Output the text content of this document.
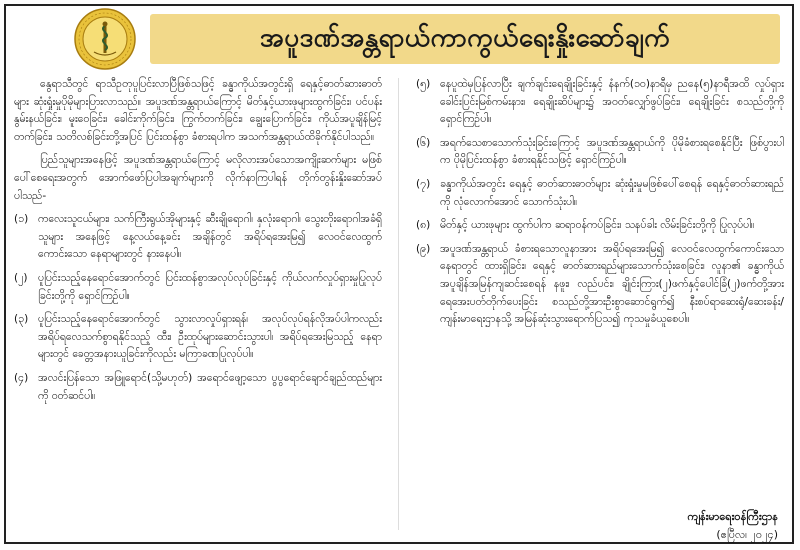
အပူဒဏ်အန္တရာယ်ကာကွယ်ရေးနှိုးဆော်ချက်

နွေရာသီတွင် ရာသီဥတုပူပြင်းလာပြီဖြစ်သဖြင့် ခန္ဓာကိုယ်အတွင်းရှိ ရေနှင့်ဓာတ်ဆားဓာတ်များ ဆုံးရှုံးမှုပိုမိုများပြားလာသည်။ အပူဒဏ်အန္တရာယ်ကြောင့် မိတ်နှင့်ယားဖုများထွက်ခြင်း၊ ပင်ပန်းနွမ်းနယ်ခြင်း၊ မူးဝေခြင်း၊ ခေါင်းကိုက်ခြင်း၊ ကြွက်တက်ခြင်း၊ ချွေးပြောက်ခြင်း၊ ကိုယ်အပူချိန်မြင့်တက်ခြင်း၊ သတိလစ်ခြင်းတို့အပြင် ပြင်းထန်စွာ ခံစားရပါက အသက်အန္တရာယ်ထိခိုက်နိုင်ပါသည်။

ပြည်သူများအနေဖြင့် အပူဒဏ်အန္တရာယ်ကြောင့် မလိုလားအပ်သောအကျိုးဆက်များ မဖြစ်ပေါ်စေရေးအတွက် အောက်ဖော်ပြပါအချက်များကို လိုက်နာကြပါရန် တိုက်တွန်းနှိုးဆော်အပ်ပါသည်-

(၁) ကလေးသူငယ်များ၊ သက်ကြီးရွယ်အိုများနှင့် ဆီးချိုရောဂါ၊ နှလုံးရောဂါ၊ သွေးတိုးရောဂါအခံရှိသူများ အနေဖြင့် နေ့လယ်နေ့ခင်း အချိန်တွင် အရိပ်ရအေးမြ၍ လေဝင်လေထွက်ကောင်းသော နေရာများတွင် နားနေပါ။
(၂) ပူပြင်းသည့်နေရောင်အောက်တွင် ပြင်းထန်စွာအလုပ်လုပ်ခြင်းနှင့် ကိုယ်လက်လှုပ်ရှားမှုပြုလုပ်ခြင်းတို့ကို ရှောင်ကြဉ်ပါ။
(၃) ပူပြင်းသည့်နေရောင်အောက်တွင် သွားလာလှုပ်ရှားရန်၊ အလုပ်လုပ်ရန်လိုအပ်ပါကလည်း အရိပ်ရလေသက်စွာရနိုင်သည့် ထီး၊ ဦးထုပ်များဆောင်းသွားပါ၊ အရိပ်ရအေးမြသည့် နေရာများတွင် ခေတ္တအနားယူခြင်းကိုလည်း မကြာခဏပြုလုပ်ပါ။
(၄) အလင်းပြန်သော အဖြူရောင်(သို့မဟုတ်) အရောင်ဖျော့သော ပွပွရောင်ချောင်ချည်ထည်များကို ဝတ်ဆင်ပါ။
(၅) နေပူထဲမှပြန်လာပြီး ချက်ချင်းရေချိုးခြင်းနှင့် နံနက်(၁၀)နာရီမှ ညနေ(၅)နာရီအထိ လှုပ်ရှားခေါင်းပြင်းမြစ်ကမ်းနား၊ ရေချိုးဆိပ်များ၌ အဝတ်လျှော်ဖွပ်ခြင်း၊ ရေချိုးခြင်း စသည်တို့ကို ရှောင်ကြဉ်ပါ။
(၆) အရက်သေစာသောက်သုံးခြင်းကြောင့် အပူဒဏ်အန္တရာယ်ကို ပိုမိုခံစားရစေနိုင်ပြီး ဖြစ်ပွားပါက ပိုမိုပြင်းထန်စွာ ခံစားရနိုင်သဖြင့် ရှောင်ကြဉ်ပါ။
(၇) ခန္ဓာကိုယ်အတွင်း ရေနှင့် ဓာတ်ဆားဓာတ်များ ဆုံးရှုံးမှုမဖြစ်ပေါ်စေရန် ရေနှင့်ဓာတ်ဆားရည်ကို လုံလောက်အောင် သောက်သုံးပါ။
(၈) မိတ်နှင့် ယားဖုများ ထွက်ပါက ဆရာဝန်ကပ်ခြင်း၊ သနပ်ခါး လိမ်းခြင်းတို့ကို ပြုလုပ်ပါ။
(၉) အပူဒဏ်အန္တရာယ် ခံစားရသောလူနာအား အရိပ်ရအေးမြ၍ လေဝင်လေထွက်ကောင်းသောနေရာတွင် ထားရှိခြင်း၊ ရေနှင့် ဓာတ်ဆားရည်များသောက်သုံးစေခြင်း၊ လူနာ၏ ခန္ဓာကိုယ်အပူချိန်အမြန်ကျဆင်းစေရန် နဖူး၊ လည်ပင်း၊ ချိုင်းကြား(၂)ဖက်နှင့်ပေါင်ခြံ(၂)ဖက်တို့အား ရေအေးပတ်တိုက်ပေးခြင်း စသည်တို့အားဦးစွာဆောင်ရွက်၍ နီးစပ်ရာဆေးရုံ/ဆေးခန်း/ကျန်းမာရေးဌာနသို့ အမြန်ဆုံးသွားရောက်ပြသ၍ ကုသမှုခံယူစေပါ။
ကျန်းမာရေးဝန်ကြီးဌာန
(ဧပြီလ၊ ၂၀၂၄)
